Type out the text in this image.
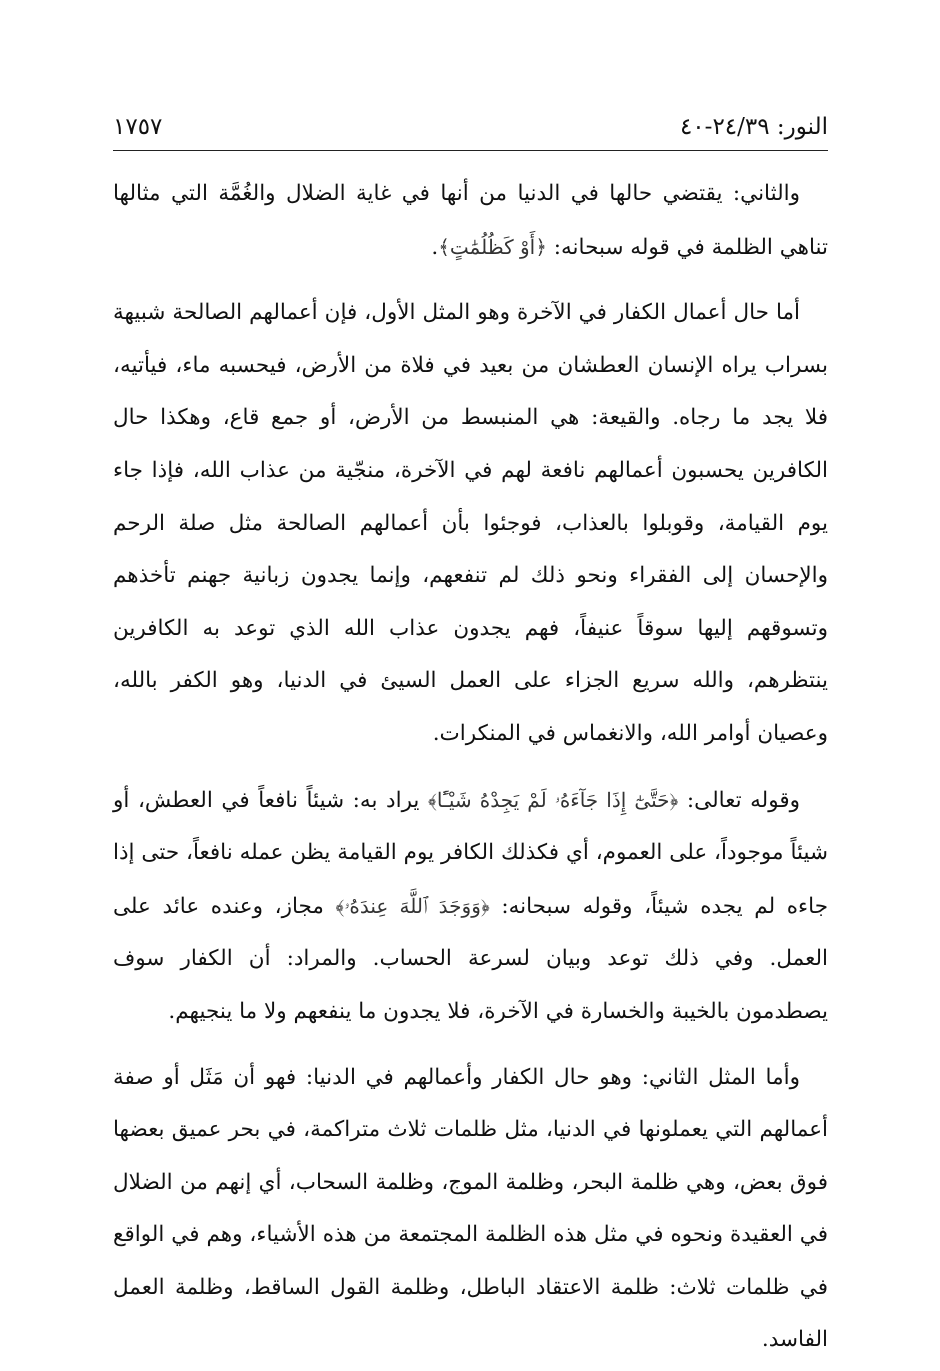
النور: ٢٤/٣٩-٤٠
١٧٥٧

والثاني: يقتضي حالها في الدنيا من أنها في غاية الضلال والغُمَّة التي مثالها تناهي الظلمة في قوله سبحانه: ﴿أَوْ كَظُلُمَٰتٍ﴾.

أما حال أعمال الكفار في الآخرة وهو المثل الأول، فإن أعمالهم الصالحة شبيهة بسراب يراه الإنسان العطشان من بعيد في فلاة من الأرض، فيحسبه ماء، فيأتيه، فلا يجد ما رجاه. والقيعة: هي المنبسط من الأرض، أو جمع قاع، وهكذا حال الكافرين يحسبون أعمالهم نافعة لهم في الآخرة، منجّية من عذاب الله، فإذا جاء يوم القيامة، وقوبلوا بالعذاب، فوجئوا بأن أعمالهم الصالحة مثل صلة الرحم والإحسان إلى الفقراء ونحو ذلك لم تنفعهم، وإنما يجدون زبانية جهنم تأخذهم وتسوقهم إليها سوقاً عنيفاً، فهم يجدون عذاب الله الذي توعد به الكافرين ينتظرهم، والله سريع الجزاء على العمل السيئ في الدنيا، وهو الكفر بالله، وعصيان أوامر الله، والانغماس في المنكرات.

وقوله تعالى: ﴿حَتَّىٰٓ إِذَا جَآءَهُۥ لَمْ يَجِدْهُ شَيْـًٔا﴾ يراد به: شيئاً نافعاً في العطش، أو شيئاً موجوداً، على العموم، أي فكذلك الكافر يوم القيامة يظن عمله نافعاً، حتى إذا جاءه لم يجده شيئاً، وقوله سبحانه: ﴿وَوَجَدَ ٱللَّهَ عِندَهُۥ﴾ مجاز، وعنده عائد على العمل. وفي ذلك توعد وبيان لسرعة الحساب. والمراد: أن الكفار سوف يصطدمون بالخيبة والخسارة في الآخرة، فلا يجدون ما ينفعهم ولا ما ينجيهم.

وأما المثل الثاني: وهو حال الكفار وأعمالهم في الدنيا: فهو أن مَثَل أو صفة أعمالهم التي يعملونها في الدنيا، مثل ظلمات ثلاث متراكمة، في بحر عميق بعضها فوق بعض، وهي ظلمة البحر، وظلمة الموج، وظلمة السحاب، أي إنهم من الضلال في العقيدة ونحوه في مثل هذه الظلمة المجتمعة من هذه الأشياء، وهم في الواقع في ظلمات ثلاث: ظلمة الاعتقاد الباطل، وظلمة القول الساقط، وظلمة العمل الفاسد.
